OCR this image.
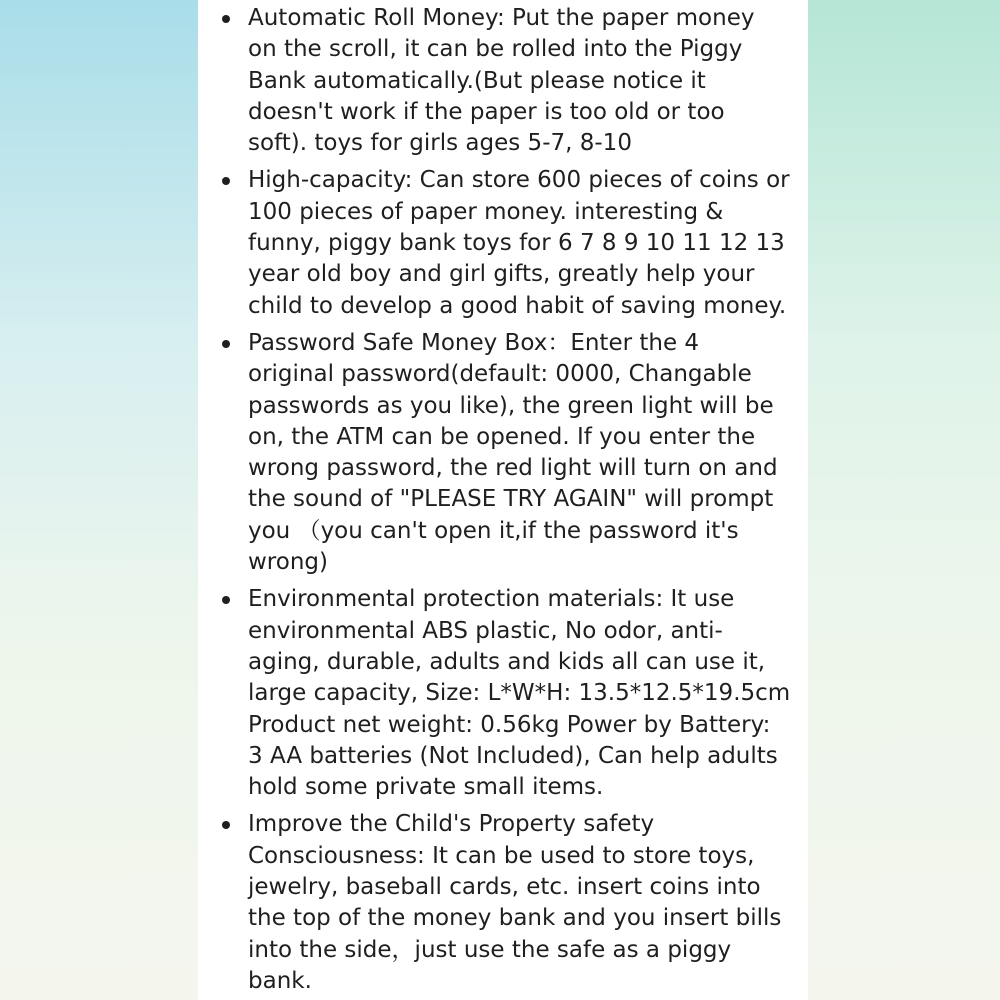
Automatic Roll Money: Put the paper money
on the scroll, it can be rolled into the Piggy
Bank automatically.(But please notice it
doesn't work if the paper is too old or too
soft). toys for girls ages 5-7, 8-10
High-capacity: Can store 600 pieces of coins or
100 pieces of paper money. interesting &
funny, piggy bank toys for 6 7 8 9 10 11 12 13
year old boy and girl gifts, greatly help your
child to develop a good habit of saving money.
Password Safe Money Box：Enter the 4
original password(default: 0000, Changable
passwords as you like), the green light will be
on, the ATM can be opened. If you enter the
wrong password, the red light will turn on and
the sound of "PLEASE TRY AGAIN" will prompt
you （you can't open it,if the password it's
wrong)
Environmental protection materials: It use
environmental ABS plastic, No odor, anti-
aging, durable, adults and kids all can use it,
large capacity, Size: L*W*H: 13.5*12.5*19.5cm
Product net weight: 0.56kg Power by Battery:
3 AA batteries (Not Included), Can help adults
hold some private small items.
Improve the Child's Property safety
Consciousness: It can be used to store toys,
jewelry, baseball cards, etc. insert coins into
the top of the money bank and you insert bills
into the side，just use the safe as a piggy
bank.
